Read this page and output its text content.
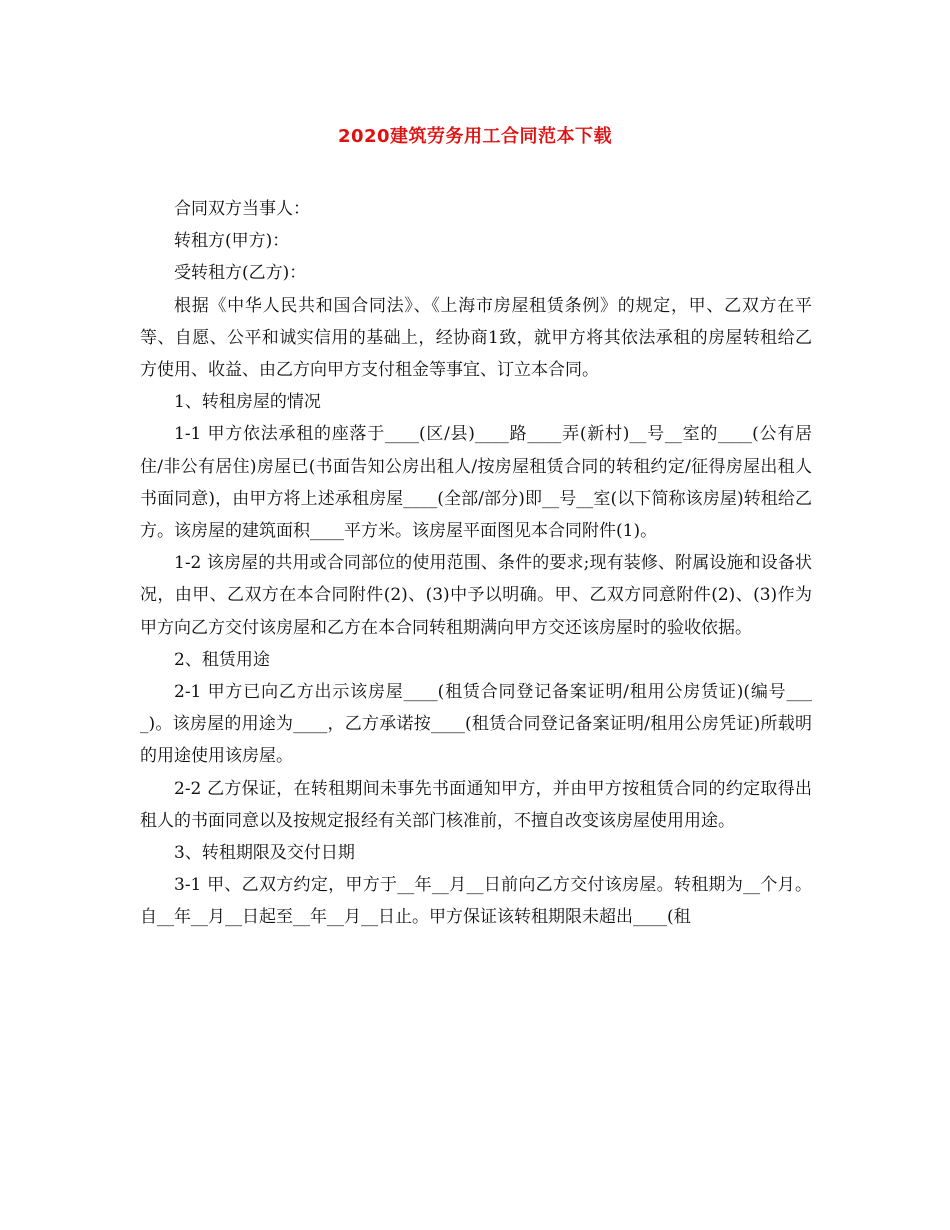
2020建筑劳务用工合同范本下载

合同双方当事人：

转租方(甲方)：

受转租方(乙方)：

根据《中华人民共和国合同法》、《上海市房屋租赁条例》的规定，甲、乙双方在平等、自愿、公平和诚实信用的基础上，经协商1致，就甲方将其依法承租的房屋转租给乙方使用、收益、由乙方向甲方支付租金等事宜、订立本合同。

1、转租房屋的情况

1-1 甲方依法承租的座落于____(区/县)____路____弄(新村)__号__室的____(公有居住/非公有居住)房屋已(书面告知公房出租人/按房屋租赁合同的转租约定/征得房屋出租人书面同意)，由甲方将上述承租房屋____(全部/部分)即__号__室(以下简称该房屋)转租给乙方。该房屋的建筑面积____平方米。该房屋平面图见本合同附件(1)。

1-2 该房屋的共用或合同部位的使用范围、条件的要求;现有装修、附属设施和设备状况，由甲、乙双方在本合同附件(2)、(3)中予以明确。甲、乙双方同意附件(2)、(3)作为甲方向乙方交付该房屋和乙方在本合同转租期满向甲方交还该房屋时的验收依据。

2、租赁用途

2-1 甲方已向乙方出示该房屋____(租赁合同登记备案证明/租用公房赁证)(编号____)。该房屋的用途为____，乙方承诺按____(租赁合同登记备案证明/租用公房凭证)所载明的用途使用该房屋。

2-2 乙方保证，在转租期间未事先书面通知甲方，并由甲方按租赁合同的约定取得出租人的书面同意以及按规定报经有关部门核准前，不擅自改变该房屋使用用途。

3、转租期限及交付日期

3-1 甲、乙双方约定，甲方于__年__月__日前向乙方交付该房屋。转租期为__个月。自__年__月__日起至__年__月__日止。甲方保证该转租期限未超出____(租
